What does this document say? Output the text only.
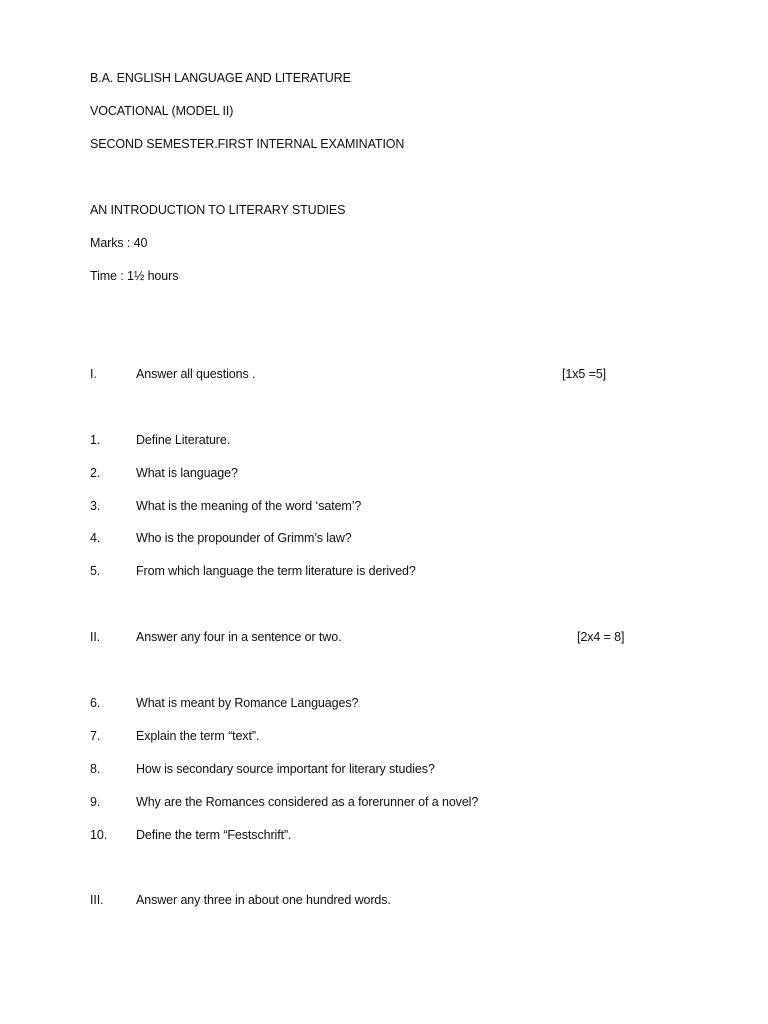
B.A. ENGLISH LANGUAGE AND LITERATURE
VOCATIONAL (MODEL II)
SECOND SEMESTER.FIRST INTERNAL EXAMINATION
AN INTRODUCTION TO LITERARY STUDIES
Marks : 40
Time : 1½ hours
I.	Answer all questions .	[1x5 =5]
1.	Define Literature.
2.	What is language?
3.	What is the meaning of the word ‘satem’?
4.	Who is the propounder of Grimm’s law?
5.	From which language the term literature is derived?
II.	Answer any four in a sentence or two.	[2x4 = 8]
6.	What is meant by Romance Languages?
7.	Explain the term “text”.
8.	How is secondary source important for literary studies?
9.	Why are the Romances considered as a forerunner of a novel?
10. Define the term “Festschrift”.
III.	Answer any three in about one hundred words.
